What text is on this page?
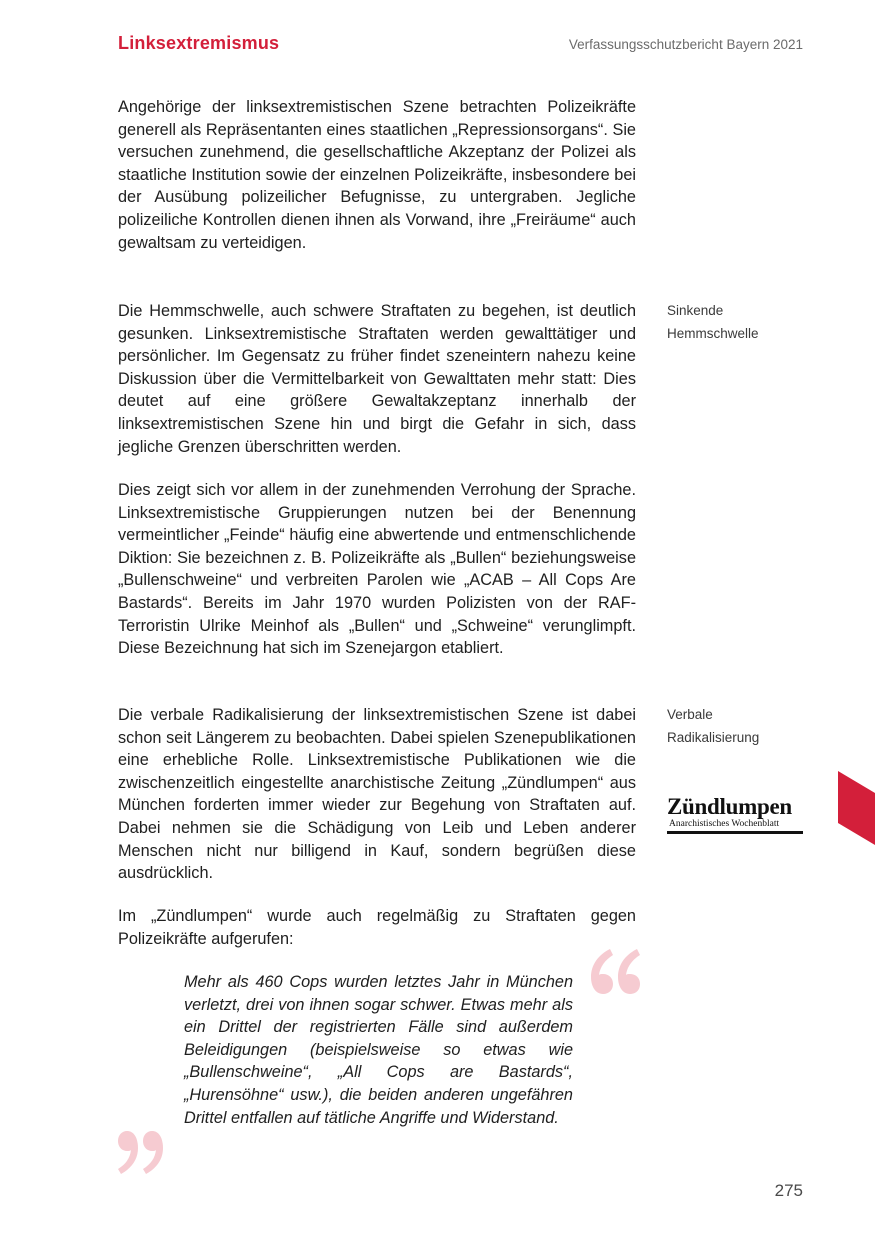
Linksextremismus	Verfassungsschutzbericht Bayern 2021

Angehörige der linksextremistischen Szene betrachten Polizeikräfte generell als Repräsentanten eines staatlichen „Repressionsorgans“. Sie versuchen zunehmend, die gesellschaftliche Akzeptanz der Polizei als staatliche Institution sowie der einzelnen Polizeikräfte, insbesondere bei der Ausübung polizeilicher Befugnisse, zu untergraben. Jegliche polizeiliche Kontrollen dienen ihnen als Vorwand, ihre „Freiräume“ auch gewaltsam zu verteidigen.

Die Hemmschwelle, auch schwere Straftaten zu begehen, ist deutlich gesunken. Linksextremistische Straftaten werden gewalttätiger und persönlicher. Im Gegensatz zu früher findet szeneintern nahezu keine Diskussion über die Vermittelbarkeit von Gewalttaten mehr statt: Dies deutet auf eine größere Gewaltakzeptanz innerhalb der linksextremistischen Szene hin und birgt die Gefahr in sich, dass jegliche Grenzen überschritten werden.

Dies zeigt sich vor allem in der zunehmenden Verrohung der Sprache. Linksextremistische Gruppierungen nutzen bei der Benennung vermeintlicher „Feinde“ häufig eine abwertende und entmenschlichende Diktion: Sie bezeichnen z. B. Polizeikräfte als „Bullen“ beziehungsweise „Bullenschweine“ und verbreiten Parolen wie „ACAB – All Cops Are Bastards“. Bereits im Jahr 1970 wurden Polizisten von der RAF-Terroristin Ulrike Meinhof als „Bullen“ und „Schweine“ verunglimpft. Diese Bezeichnung hat sich im Szenejargon etabliert.

Die verbale Radikalisierung der linksextremistischen Szene ist dabei schon seit Längerem zu beobachten. Dabei spielen Szenepublikationen eine erhebliche Rolle. Linksextremistische Publikationen wie die zwischenzeitlich eingestellte anarchistische Zeitung „Zündlumpen“ aus München forderten immer wieder zur Begehung von Straftaten auf. Dabei nehmen sie die Schädigung von Leib und Leben anderer Menschen nicht nur billigend in Kauf, sondern begrüßen diese ausdrücklich.

Im „Zündlumpen“ wurde auch regelmäßig zu Straftaten gegen Polizeikräfte aufgerufen:

Sinkende
Hemmschwelle
Verbale
Radikalisierung
Zündlumpen
Anarchistisches Wochenblatt

Mehr als 460 Cops wurden letztes Jahr in München verletzt, drei von ihnen sogar schwer. Etwas mehr als ein Drittel der registrierten Fälle sind außerdem Beleidigungen (beispielsweise so etwas wie „Bullenschweine“, „All Cops are Bastards“, „Hurensöhne“ usw.), die beiden anderen ungefähren Drittel entfallen auf tätliche Angriffe und Widerstand.

275
